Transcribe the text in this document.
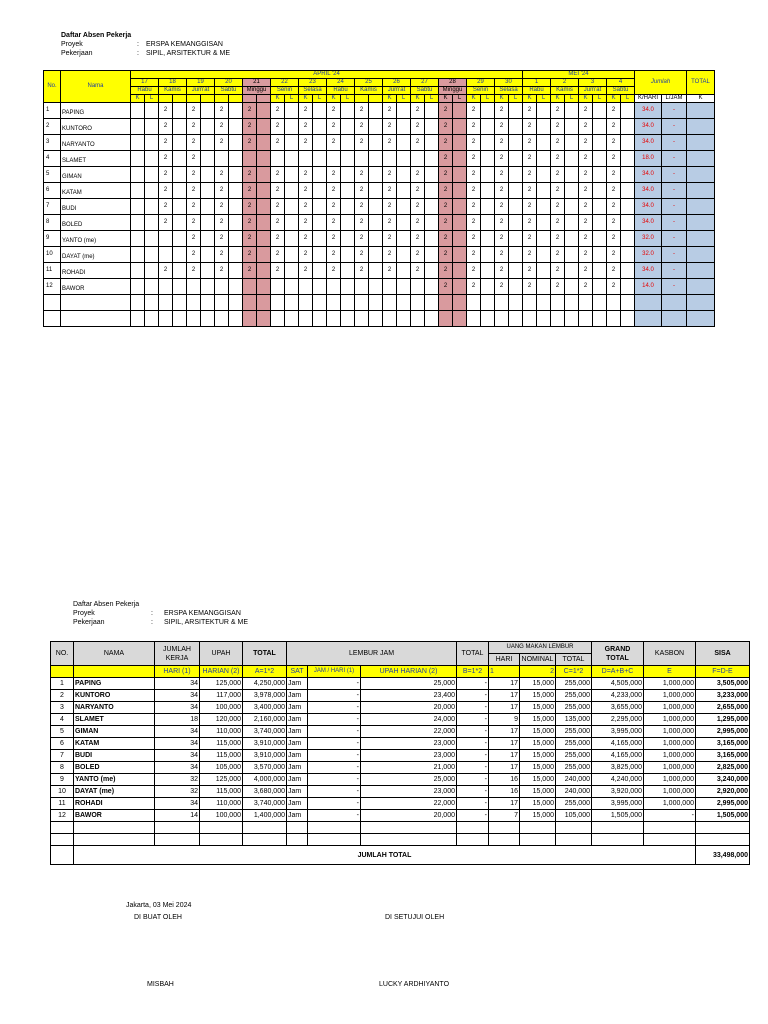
Daftar Absen Pekerja
Proyek	:	ERSPA KEMANGGISAN
Pekerjaan	:	SIPIL, ARSITEKTUR & ME
No.	Nama	APRIL '24																												MEI '24								Jumlah		TOTAL
		17		18		19		20		21		22		23		24		25		26		27		28		29		30		1		2		3		4				
		Rabu		Kamis		Jum'at		Sabtu		Minggu		Senin		Selasa		Rabu		Kamis		Jum'at		Sabtu		Minggu		Senin		Selasa		Rabu		Kamis		Jum'at		Sabtu				
		K	L									K	L	K	L	K	L			K	L	K	L	K	L	K	L	K	L	K	L	K	L	K	L	K	L	K/HARI	L/JAM	K
1	PAPING			2		2		2		2		2		2		2		2		2		2		2		2		2		2		2		2		2		34.0	-	
2	KUNTORO			2		2		2		2		2		2		2		2		2		2		2		2		2		2		2		2		2		34.0	-	
3	NARYANTO			2		2		2		2		2		2		2		2		2		2		2		2		2		2		2		2		2		34.0	-	
4	SLAMET			2		2																		2		2		2		2		2		2		2		18.0	-	
5	GIMAN			2		2		2		2		2		2		2		2		2		2		2		2		2		2		2		2		2		34.0	-	
6	KATAM			2		2		2		2		2		2		2		2		2		2		2		2		2		2		2		2		2		34.0	-	
7	BUDI			2		2		2		2		2		2		2		2		2		2		2		2		2		2		2		2		2		34.0	-	
8	BOLED			2		2		2		2		2		2		2		2		2		2		2		2		2		2		2		2		2		34.0	-	
9	YANTO (me)					2		2		2		2		2		2		2		2		2		2		2		2		2		2		2		2		32.0	-	
10	DAYAT (me)					2		2		2		2		2		2		2		2		2		2		2		2		2		2		2		2		32.0	-	
11	ROHADI			2		2		2		2		2		2		2		2		2		2		2		2		2		2		2		2		2		34.0	-	
12	BAWOR																							2		2		2		2		2		2		2		14.0	-	

Daftar Absen Pekerja
Proyek	:	ERSPA KEMANGGISAN
Pekerjaan	:	SIPIL, ARSITEKTUR & ME
NO.	NAMA	JUMLAH KERJA	UPAH	TOTAL	LEMBUR JAM			TOTAL	UANG MAKAN LEMBUR			GRAND TOTAL	KASBON	SISA
									HARI	NOMINAL	TOTAL			
		HARI (1)	HARIAN (2)	A=1*2	SAT	JAM / HARI (1)	UPAH HARIAN (2)	B=1*2	1	2	C=1*2	D=A+B+C	E	F=D-E
1	PAPING	34	125,000	4,250,000	Jam	-	25,000	-	17	15,000	255,000	4,505,000	1,000,000	3,505,000
2	KUNTORO	34	117,000	3,978,000	Jam	-	23,400	-	17	15,000	255,000	4,233,000	1,000,000	3,233,000
3	NARYANTO	34	100,000	3,400,000	Jam	-	20,000	-	17	15,000	255,000	3,655,000	1,000,000	2,655,000
4	SLAMET	18	120,000	2,160,000	Jam	-	24,000	-	9	15,000	135,000	2,295,000	1,000,000	1,295,000
5	GIMAN	34	110,000	3,740,000	Jam	-	22,000	-	17	15,000	255,000	3,995,000	1,000,000	2,995,000
6	KATAM	34	115,000	3,910,000	Jam	-	23,000	-	17	15,000	255,000	4,165,000	1,000,000	3,165,000
7	BUDI	34	115,000	3,910,000	Jam	-	23,000	-	17	15,000	255,000	4,165,000	1,000,000	3,165,000
8	BOLED	34	105,000	3,570,000	Jam	-	21,000	-	17	15,000	255,000	3,825,000	1,000,000	2,825,000
9	YANTO (me)	32	125,000	4,000,000	Jam	-	25,000	-	16	15,000	240,000	4,240,000	1,000,000	3,240,000
10	DAYAT (me)	32	115,000	3,680,000	Jam	-	23,000	-	16	15,000	240,000	3,920,000	1,000,000	2,920,000
11	ROHADI	34	110,000	3,740,000	Jam	-	22,000	-	17	15,000	255,000	3,995,000	1,000,000	2,995,000
12	BAWOR	14	100,000	1,400,000	Jam	-	20,000	-	7	15,000	105,000	1,505,000	-	1,505,000

	JUMLAH TOTAL													33,498,000
Jakarta, 03 Mei 2024
DI BUAT OLEH	DI SETUJUI OLEH
MISBAH	LUCKY ARDHIYANTO
